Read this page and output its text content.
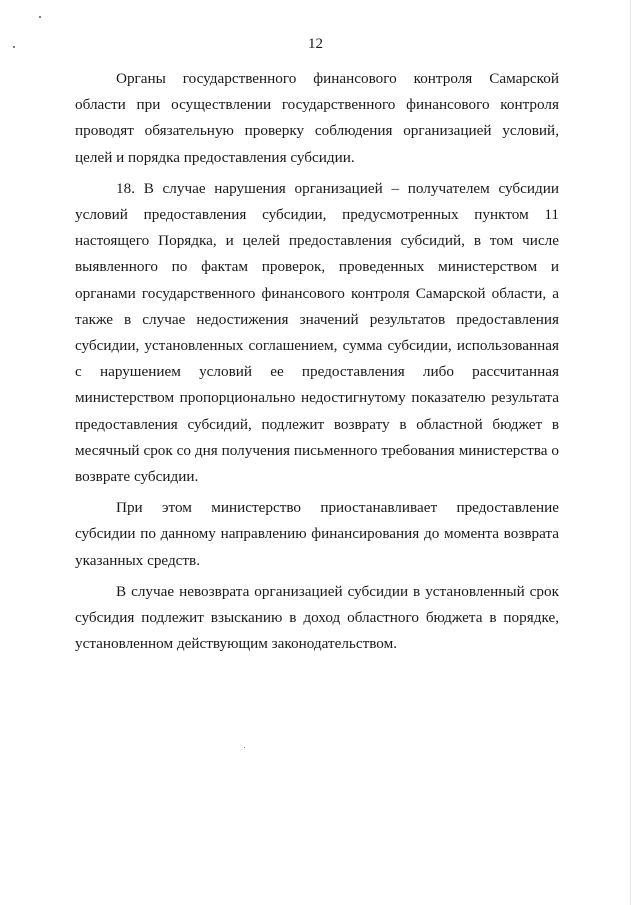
12

Органы государственного финансового контроля Самарской области при осуществлении государственного финансового контроля проводят обязательную проверку соблюдения организацией условий, целей и порядка предоставления субсидии.

18. В случае нарушения организацией – получателем субсидии условий предоставления субсидии, предусмотренных пунктом 11 настоящего Порядка, и целей предоставления субсидий, в том числе выявленного по фактам проверок, проведенных министерством и органами государственного финансового контроля Самарской области, а также в случае недостижения значений результатов предоставления субсидии, установленных соглашением, сумма субсидии, использованная с нарушением условий ее предоставления либо рассчитанная министерством пропорционально недостигнутому показателю результата предоставления субсидий, подлежит возврату в областной бюджет в месячный срок со дня получения письменного требования министерства о возврате субсидии.

При этом министерство приостанавливает предоставление субсидии по данному направлению финансирования до момента возврата указанных средств.

В случае невозврата организацией субсидии в установленный срок субсидия подлежит взысканию в доход областного бюджета в порядке, установленном действующим законодательством.
